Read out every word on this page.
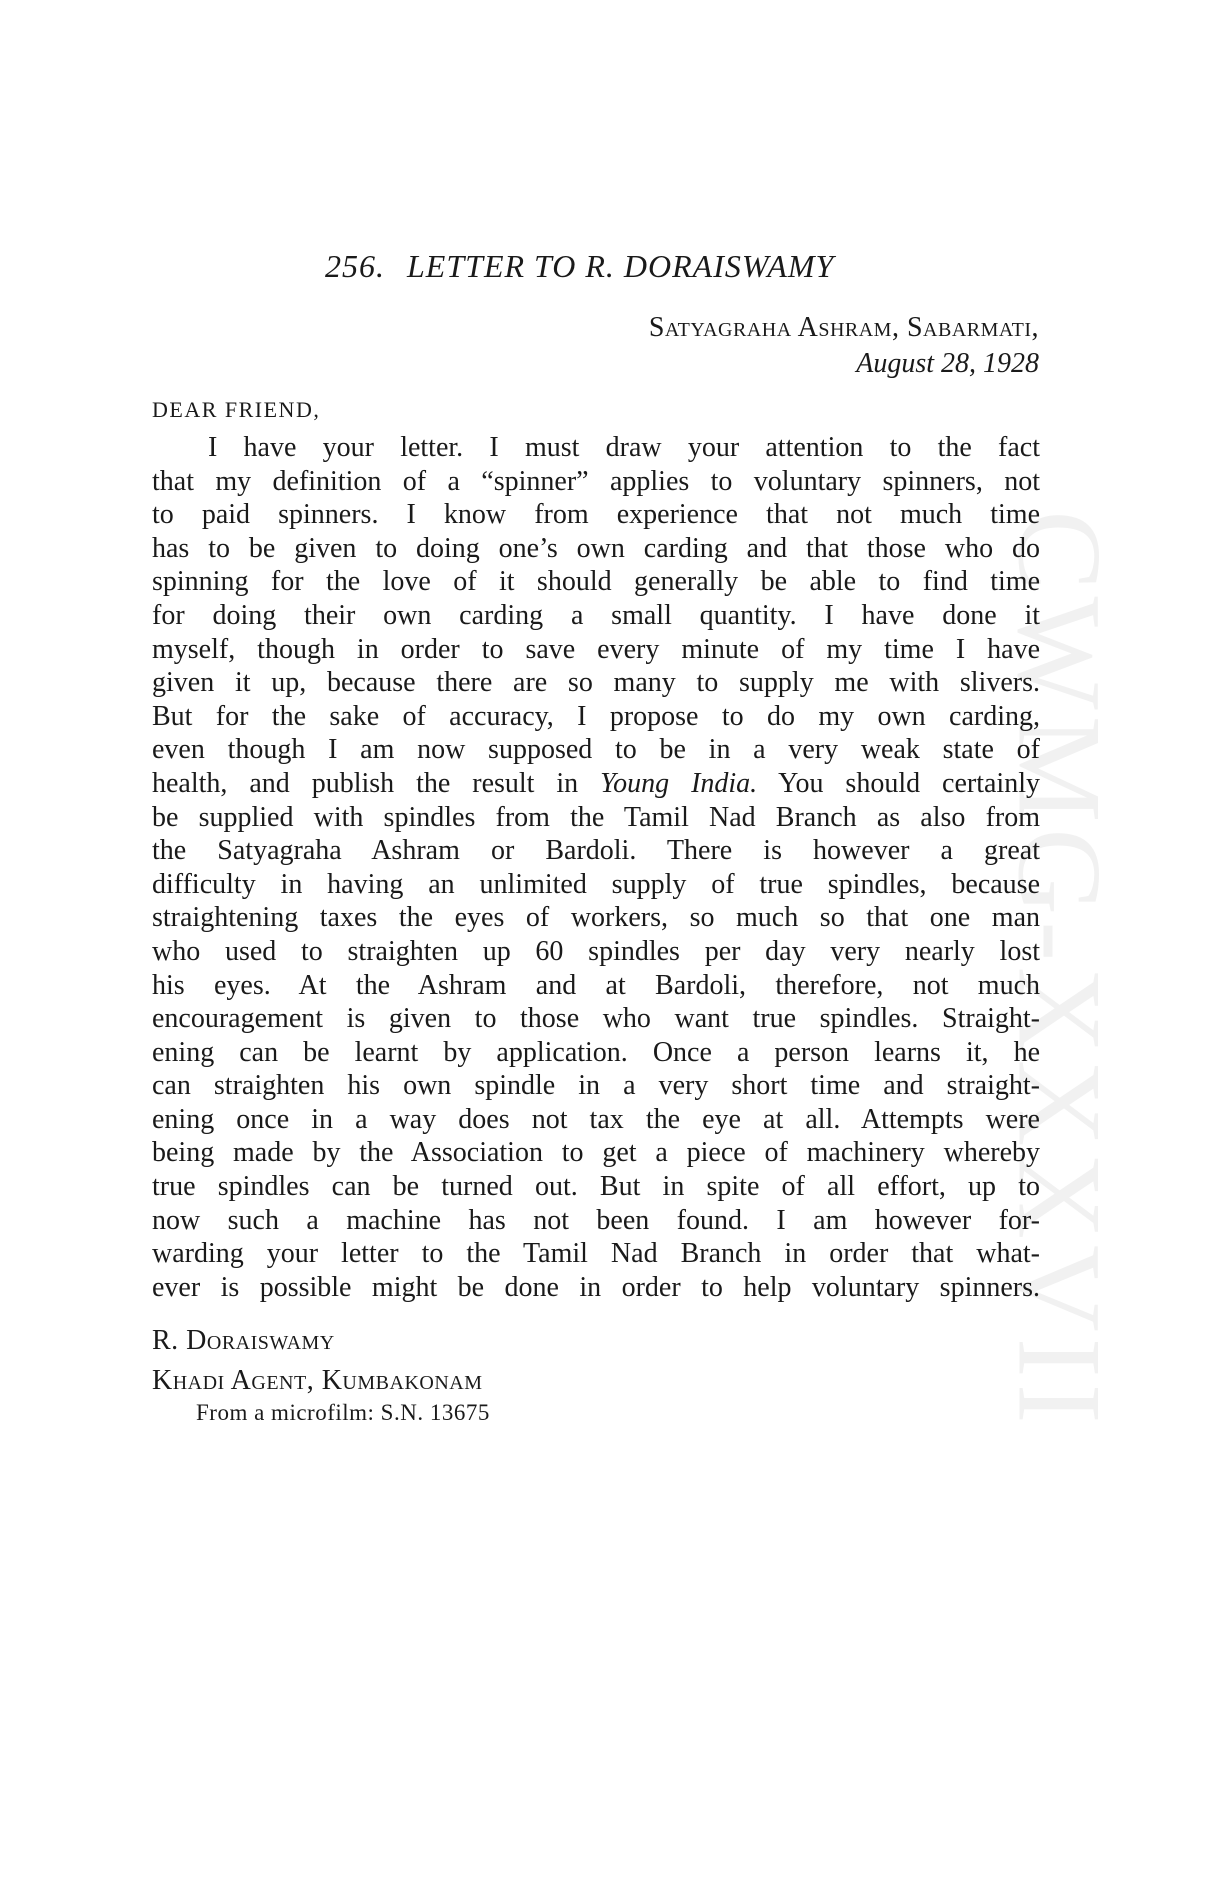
CWMG-XXXVII
256. LETTER TO R. DORAISWAMY
Satyagraha Ashram, Sabarmati,
August 28, 1928
DEAR FRIEND,
I have your letter. I must draw your attention to the fact
that my definition of a “spinner” applies to voluntary spinners, not
to paid spinners. I know from experience that not much time
has to be given to doing one’s own carding and that those who do
spinning for the love of it should generally be able to find time
for doing their own carding a small quantity. I have done it
myself, though in order to save every minute of my time I have
given it up, because there are so many to supply me with slivers.
But for the sake of accuracy, I propose to do my own carding,
even though I am now supposed to be in a very weak state of
health, and publish the result in Young India. You should certainly
be supplied with spindles from the Tamil Nad Branch as also from
the Satyagraha Ashram or Bardoli. There is however a great
difficulty in having an unlimited supply of true spindles, because
straightening taxes the eyes of workers, so much so that one man
who used to straighten up 60 spindles per day very nearly lost
his eyes. At the Ashram and at Bardoli, therefore, not much
encouragement is given to those who want true spindles. Straight-
ening can be learnt by application. Once a person learns it, he
can straighten his own spindle in a very short time and straight-
ening once in a way does not tax the eye at all. Attempts were
being made by the Association to get a piece of machinery whereby
true spindles can be turned out. But in spite of all effort, up to
now such a machine has not been found. I am however for-
warding your letter to the Tamil Nad Branch in order that what-
ever is possible might be done in order to help voluntary spinners.
R. Doraiswamy
Khadi Agent, Kumbakonam
From a microfilm: S.N. 13675
